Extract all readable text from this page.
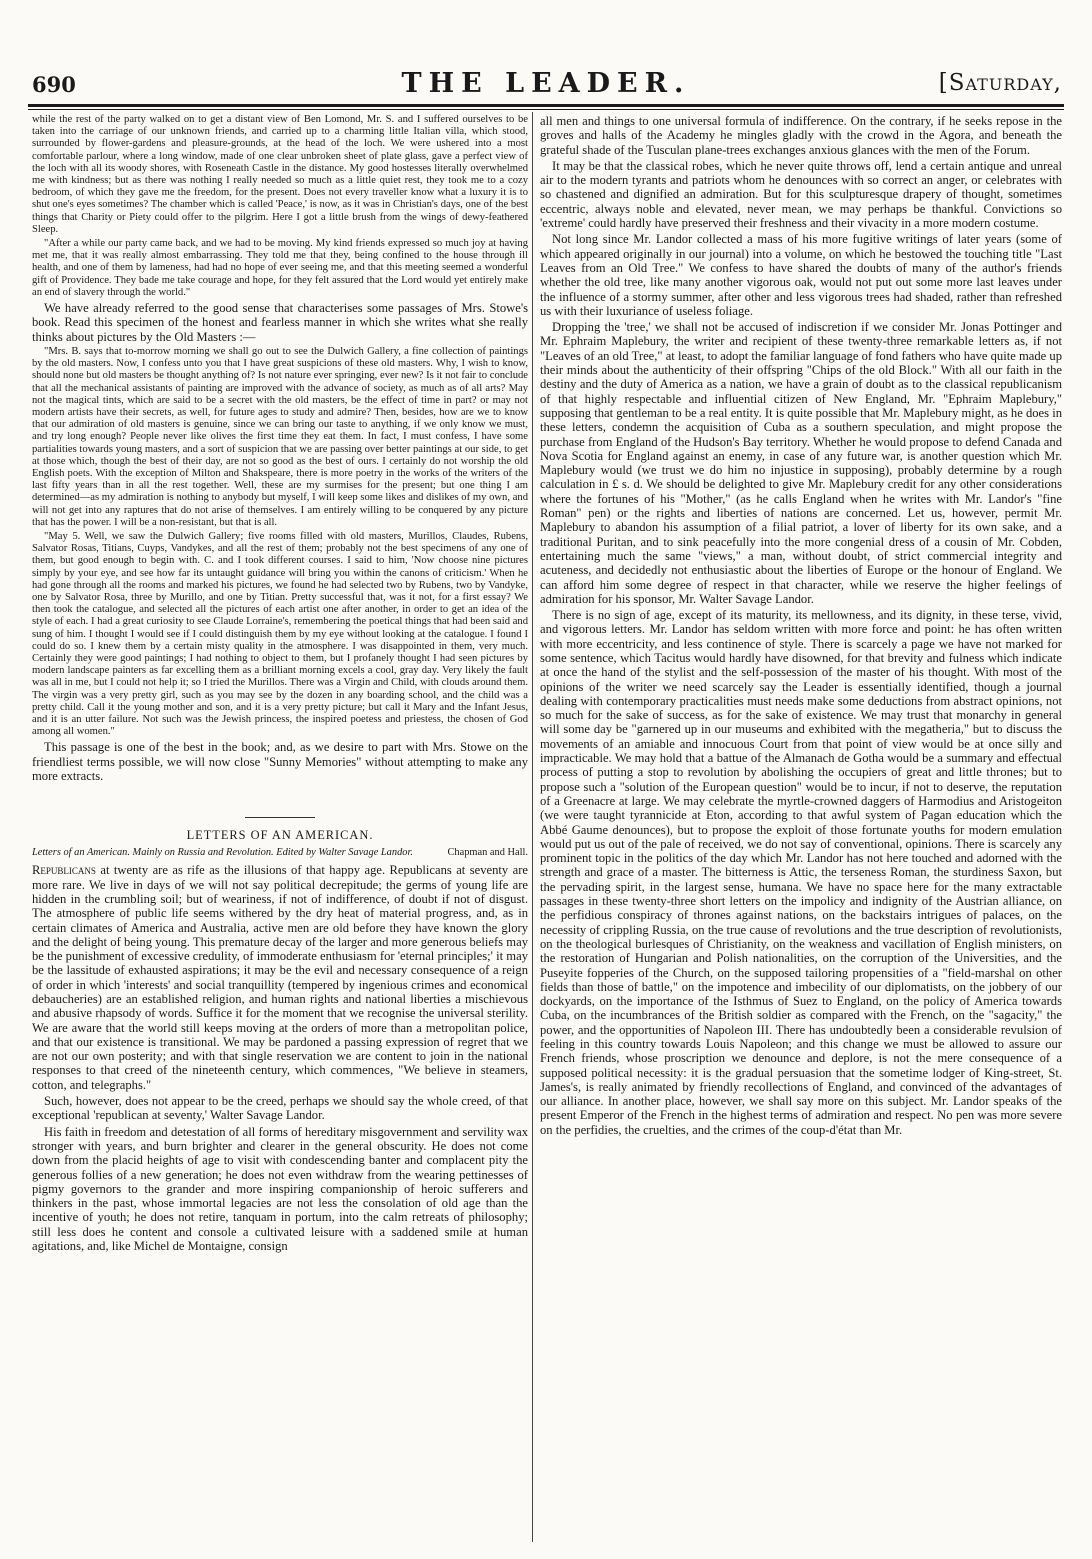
690	THE LEADER.	[Saturday,

while the rest of the party walked on to get a distant view of Ben Lomond, Mr. S. and I suffered ourselves to be taken into the carriage of our unknown friends, and carried up to a charming little Italian villa, which stood, surrounded by flower-gardens and pleasure-grounds, at the head of the loch. We were ushered into a most comfortable parlour, where a long window, made of one clear unbroken sheet of plate glass, gave a perfect view of the loch with all its woody shores, with Roseneath Castle in the distance. My good hostesses literally overwhelmed me with kindness; but as there was nothing I really needed so much as a little quiet rest, they took me to a cozy bedroom, of which they gave me the freedom, for the present. Does not every traveller know what a luxury it is to shut one's eyes sometimes? The chamber which is called 'Peace,' is now, as it was in Christian's days, one of the best things that Charity or Piety could offer to the pilgrim. Here I got a little brush from the wings of dewy-feathered Sleep.

"After a while our party came back, and we had to be moving. My kind friends expressed so much joy at having met me, that it was really almost embarrassing. They told me that they, being confined to the house through ill health, and one of them by lameness, had had no hope of ever seeing me, and that this meeting seemed a wonderful gift of Providence. They bade me take courage and hope, for they felt assured that the Lord would yet entirely make an end of slavery through the world."

We have already referred to the good sense that characterises some passages of Mrs. Stowe's book. Read this specimen of the honest and fearless manner in which she writes what she really thinks about pictures by the Old Masters :—

"Mrs. B. says that to-morrow morning we shall go out to see the Dulwich Gallery, a fine collection of paintings by the old masters. Now, I confess unto you that I have great suspicions of these old masters. Why, I wish to know, should none but old masters be thought anything of? Is not nature ever springing, ever new? Is it not fair to conclude that all the mechanical assistants of painting are improved with the advance of society, as much as of all arts? May not the magical tints, which are said to be a secret with the old masters, be the effect of time in part? or may not modern artists have their secrets, as well, for future ages to study and admire? Then, besides, how are we to know that our admiration of old masters is genuine, since we can bring our taste to anything, if we only know we must, and try long enough? People never like olives the first time they eat them. In fact, I must confess, I have some partialities towards young masters, and a sort of suspicion that we are passing over better paintings at our side, to get at those which, though the best of their day, are not so good as the best of ours. I certainly do not worship the old English poets. With the exception of Milton and Shakspeare, there is more poetry in the works of the writers of the last fifty years than in all the rest together. Well, these are my surmises for the present; but one thing I am determined—as my admiration is nothing to anybody but myself, I will keep some likes and dislikes of my own, and will not get into any raptures that do not arise of themselves. I am entirely willing to be conquered by any picture that has the power. I will be a non-resistant, but that is all.

"May 5. Well, we saw the Dulwich Gallery; five rooms filled with old masters, Murillos, Claudes, Rubens, Salvator Rosas, Titians, Cuyps, Vandykes, and all the rest of them; probably not the best specimens of any one of them, but good enough to begin with. C. and I took different courses. I said to him, 'Now choose nine pictures simply by your eye, and see how far its untaught guidance will bring you within the canons of criticism.' When he had gone through all the rooms and marked his pictures, we found he had selected two by Rubens, two by Vandyke, one by Salvator Rosa, three by Murillo, and one by Titian. Pretty successful that, was it not, for a first essay? We then took the catalogue, and selected all the pictures of each artist one after another, in order to get an idea of the style of each. I had a great curiosity to see Claude Lorraine's, remembering the poetical things that had been said and sung of him. I thought I would see if I could distinguish them by my eye without looking at the catalogue. I found I could do so. I knew them by a certain misty quality in the atmosphere. I was disappointed in them, very much. Certainly they were good paintings; I had nothing to object to them, but I profanely thought I had seen pictures by modern landscape painters as far excelling them as a brilliant morning excels a cool, gray day. Very likely the fault was all in me, but I could not help it; so I tried the Murillos. There was a Virgin and Child, with clouds around them. The virgin was a very pretty girl, such as you may see by the dozen in any boarding school, and the child was a pretty child. Call it the young mother and son, and it is a very pretty picture; but call it Mary and the Infant Jesus, and it is an utter failure. Not such was the Jewish princess, the inspired poetess and priestess, the chosen of God among all women."

This passage is one of the best in the book; and, as we desire to part with Mrs. Stowe on the friendliest terms possible, we will now close "Sunny Memories" without attempting to make any more extracts.

LETTERS OF AN AMERICAN.
Letters of an American. Mainly on Russia and Revolution. Edited by Walter Savage Landor.	Chapman and Hall.

Republicans at twenty are as rife as the illusions of that happy age. Republicans at seventy are more rare. We live in days of we will not say political decrepitude; the germs of young life are hidden in the crumbling soil; but of weariness, if not of indifference, of doubt if not of disgust. The atmosphere of public life seems withered by the dry heat of material progress, and, as in certain climates of America and Australia, active men are old before they have known the glory and the delight of being young. This premature decay of the larger and more generous beliefs may be the punishment of excessive credulity, of immoderate enthusiasm for 'eternal principles;' it may be the lassitude of exhausted aspirations; it may be the evil and necessary consequence of a reign of order in which 'interests' and social tranquillity (tempered by ingenious crimes and economical debaucheries) are an established religion, and human rights and national liberties a mischievous and abusive rhapsody of words. Suffice it for the moment that we recognise the universal sterility. We are aware that the world still keeps moving at the orders of more than a metropolitan police, and that our existence is transitional. We may be pardoned a passing expression of regret that we are not our own posterity; and with that single reservation we are content to join in the national responses to that creed of the nineteenth century, which commences, "We believe in steamers, cotton, and telegraphs."

Such, however, does not appear to be the creed, perhaps we should say the whole creed, of that exceptional 'republican at seventy,' Walter Savage Landor.

His faith in freedom and detestation of all forms of hereditary misgovernment and servility wax stronger with years, and burn brighter and clearer in the general obscurity. He does not come down from the placid heights of age to visit with condescending banter and complacent pity the generous follies of a new generation; he does not even withdraw from the wearing pettinesses of pigmy governors to the grander and more inspiring companionship of heroic sufferers and thinkers in the past, whose immortal legacies are not less the consolation of old age than the incentive of youth; he does not retire, tanquam in portum, into the calm retreats of philosophy; still less does he content and console a cultivated leisure with a saddened smile at human agitations, and, like Michel de Montaigne, consign

all men and things to one universal formula of indifference. On the contrary, if he seeks repose in the groves and halls of the Academy he mingles gladly with the crowd in the Agora, and beneath the grateful shade of the Tusculan plane-trees exchanges anxious glances with the men of the Forum.

It may be that the classical robes, which he never quite throws off, lend a certain antique and unreal air to the modern tyrants and patriots whom he denounces with so correct an anger, or celebrates with so chastened and dignified an admiration. But for this sculpturesque drapery of thought, sometimes eccentric, always noble and elevated, never mean, we may perhaps be thankful. Convictions so 'extreme' could hardly have preserved their freshness and their vivacity in a more modern costume.

Not long since Mr. Landor collected a mass of his more fugitive writings of later years (some of which appeared originally in our journal) into a volume, on which he bestowed the touching title "Last Leaves from an Old Tree." We confess to have shared the doubts of many of the author's friends whether the old tree, like many another vigorous oak, would not put out some more last leaves under the influence of a stormy summer, after other and less vigorous trees had shaded, rather than refreshed us with their luxuriance of useless foliage.

Dropping the 'tree,' we shall not be accused of indiscretion if we consider Mr. Jonas Pottinger and Mr. Ephraim Maplebury, the writer and recipient of these twenty-three remarkable letters as, if not "Leaves of an old Tree," at least, to adopt the familiar language of fond fathers who have quite made up their minds about the authenticity of their offspring "Chips of the old Block." With all our faith in the destiny and the duty of America as a nation, we have a grain of doubt as to the classical republicanism of that highly respectable and influential citizen of New England, Mr. "Ephraim Maplebury," supposing that gentleman to be a real entity. It is quite possible that Mr. Maplebury might, as he does in these letters, condemn the acquisition of Cuba as a southern speculation, and might propose the purchase from England of the Hudson's Bay territory. Whether he would propose to defend Canada and Nova Scotia for England against an enemy, in case of any future war, is another question which Mr. Maplebury would (we trust we do him no injustice in supposing), probably determine by a rough calculation in £ s. d. We should be delighted to give Mr. Maplebury credit for any other considerations where the fortunes of his "Mother," (as he calls England when he writes with Mr. Landor's "fine Roman" pen) or the rights and liberties of nations are concerned. Let us, however, permit Mr. Maplebury to abandon his assumption of a filial patriot, a lover of liberty for its own sake, and a traditional Puritan, and to sink peacefully into the more congenial dress of a cousin of Mr. Cobden, entertaining much the same "views," a man, without doubt, of strict commercial integrity and acuteness, and decidedly not enthusiastic about the liberties of Europe or the honour of England. We can afford him some degree of respect in that character, while we reserve the higher feelings of admiration for his sponsor, Mr. Walter Savage Landor.

There is no sign of age, except of its maturity, its mellowness, and its dignity, in these terse, vivid, and vigorous letters. Mr. Landor has seldom written with more force and point: he has often written with more eccentricity, and less continence of style. There is scarcely a page we have not marked for some sentence, which Tacitus would hardly have disowned, for that brevity and fulness which indicate at once the hand of the stylist and the self-possession of the master of his thought. With most of the opinions of the writer we need scarcely say the Leader is essentially identified, though a journal dealing with contemporary practicalities must needs make some deductions from abstract opinions, not so much for the sake of success, as for the sake of existence. We may trust that monarchy in general will some day be "garnered up in our museums and exhibited with the megatheria," but to discuss the movements of an amiable and innocuous Court from that point of view would be at once silly and impracticable. We may hold that a battue of the Almanach de Gotha would be a summary and effectual process of putting a stop to revolution by abolishing the occupiers of great and little thrones; but to propose such a "solution of the European question" would be to incur, if not to deserve, the reputation of a Greenacre at large. We may celebrate the myrtle-crowned daggers of Harmodius and Aristogeiton (we were taught tyrannicide at Eton, according to that awful system of Pagan education which the Abbé Gaume denounces), but to propose the exploit of those fortunate youths for modern emulation would put us out of the pale of received, we do not say of conventional, opinions. There is scarcely any prominent topic in the politics of the day which Mr. Landor has not here touched and adorned with the strength and grace of a master. The bitterness is Attic, the terseness Roman, the sturdiness Saxon, but the pervading spirit, in the largest sense, humana. We have no space here for the many extractable passages in these twenty-three short letters on the impolicy and indignity of the Austrian alliance, on the perfidious conspiracy of thrones against nations, on the backstairs intrigues of palaces, on the necessity of crippling Russia, on the true cause of revolutions and the true description of revolutionists, on the theological burlesques of Christianity, on the weakness and vacillation of English ministers, on the restoration of Hungarian and Polish nationalities, on the corruption of the Universities, and the Puseyite fopperies of the Church, on the supposed tailoring propensities of a "field-marshal on other fields than those of battle," on the impotence and imbecility of our diplomatists, on the jobbery of our dockyards, on the importance of the Isthmus of Suez to England, on the policy of America towards Cuba, on the incumbrances of the British soldier as compared with the French, on the "sagacity," the power, and the opportunities of Napoleon III. There has undoubtedly been a considerable revulsion of feeling in this country towards Louis Napoleon; and this change we must be allowed to assure our French friends, whose proscription we denounce and deplore, is not the mere consequence of a supposed political necessity: it is the gradual persuasion that the sometime lodger of King-street, St. James's, is really animated by friendly recollections of England, and convinced of the advantages of our alliance. In another place, however, we shall say more on this subject. Mr. Landor speaks of the present Emperor of the French in the highest terms of admiration and respect. No pen was more severe on the perfidies, the cruelties, and the crimes of the coup-d'état than Mr.
